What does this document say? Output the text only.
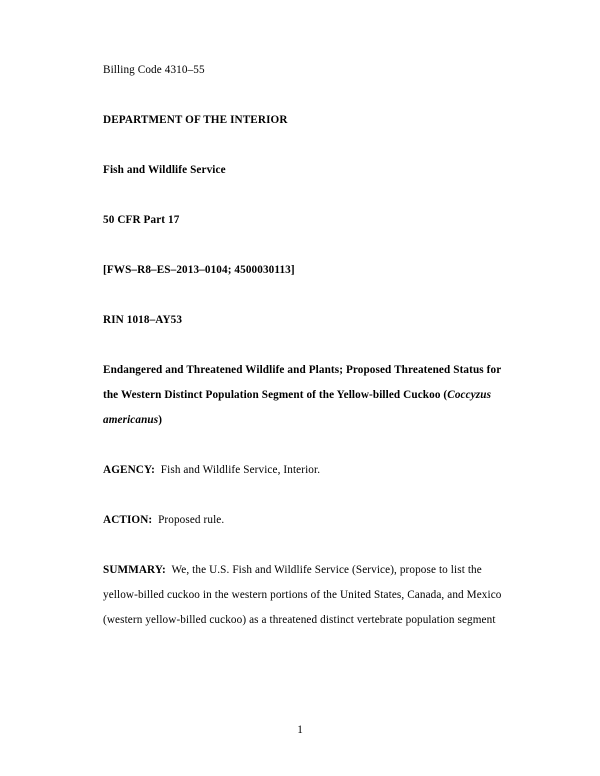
Billing Code 4310–55
DEPARTMENT OF THE INTERIOR
Fish and Wildlife Service
50 CFR Part 17
[FWS–R8–ES–2013–0104; 4500030113]
RIN 1018–AY53
Endangered and Threatened Wildlife and Plants; Proposed Threatened Status for
the Western Distinct Population Segment of the Yellow-billed Cuckoo (Coccyzus
americanus)
AGENCY: Fish and Wildlife Service, Interior.
ACTION: Proposed rule.
SUMMARY: We, the U.S. Fish and Wildlife Service (Service), propose to list the
yellow-billed cuckoo in the western portions of the United States, Canada, and Mexico
(western yellow-billed cuckoo) as a threatened distinct vertebrate population segment
1
